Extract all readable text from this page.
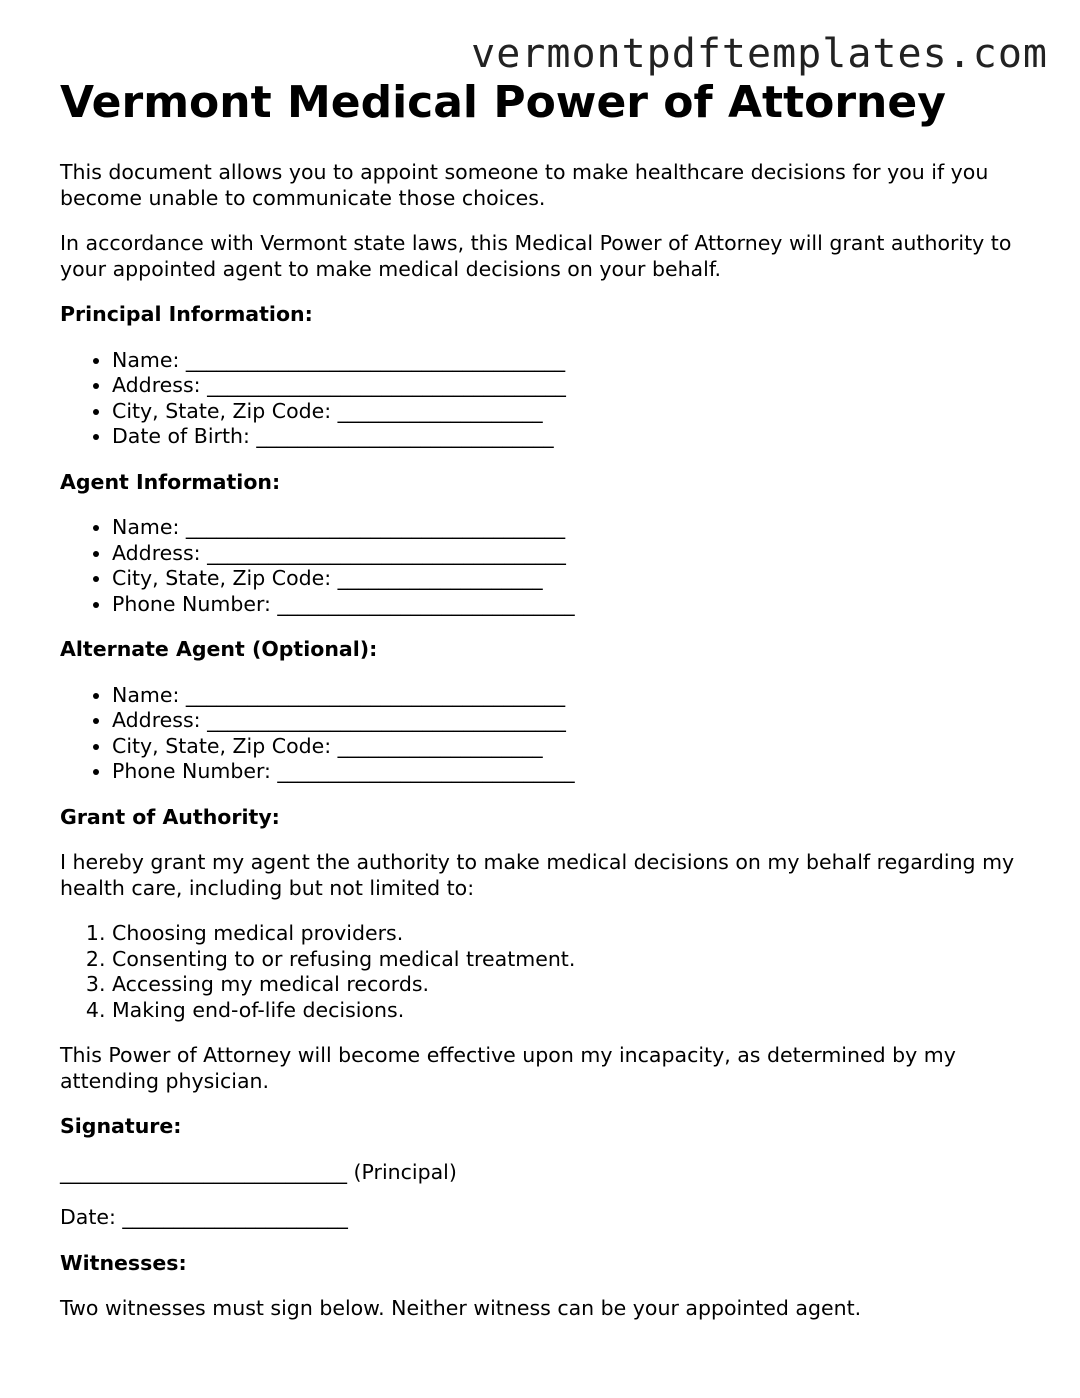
vermontpdftemplates.com
Vermont Medical Power of Attorney

This document allows you to appoint someone to make healthcare decisions for you if you become unable to communicate those choices.

In accordance with Vermont state laws, this Medical Power of Attorney will grant authority to your appointed agent to make medical decisions on your behalf.

Principal Information:
• Name: _____________________________________
• Address: ___________________________________
• City, State, Zip Code: ____________________
• Date of Birth: _____________________________
Agent Information:
• Name: _____________________________________
• Address: ___________________________________
• City, State, Zip Code: ____________________
• Phone Number: _____________________________
Alternate Agent (Optional):
• Name: _____________________________________
• Address: ___________________________________
• City, State, Zip Code: ____________________
• Phone Number: _____________________________
Grant of Authority:

I hereby grant my agent the authority to make medical decisions on my behalf regarding my health care, including but not limited to:

1. Choosing medical providers.
2. Consenting to or refusing medical treatment.
3. Accessing my medical records.
4. Making end-of-life decisions.

This Power of Attorney will become effective upon my incapacity, as determined by my attending physician.

Signature:

____________________________ (Principal)

Date: ______________________

Witnesses:

Two witnesses must sign below. Neither witness can be your appointed agent.
